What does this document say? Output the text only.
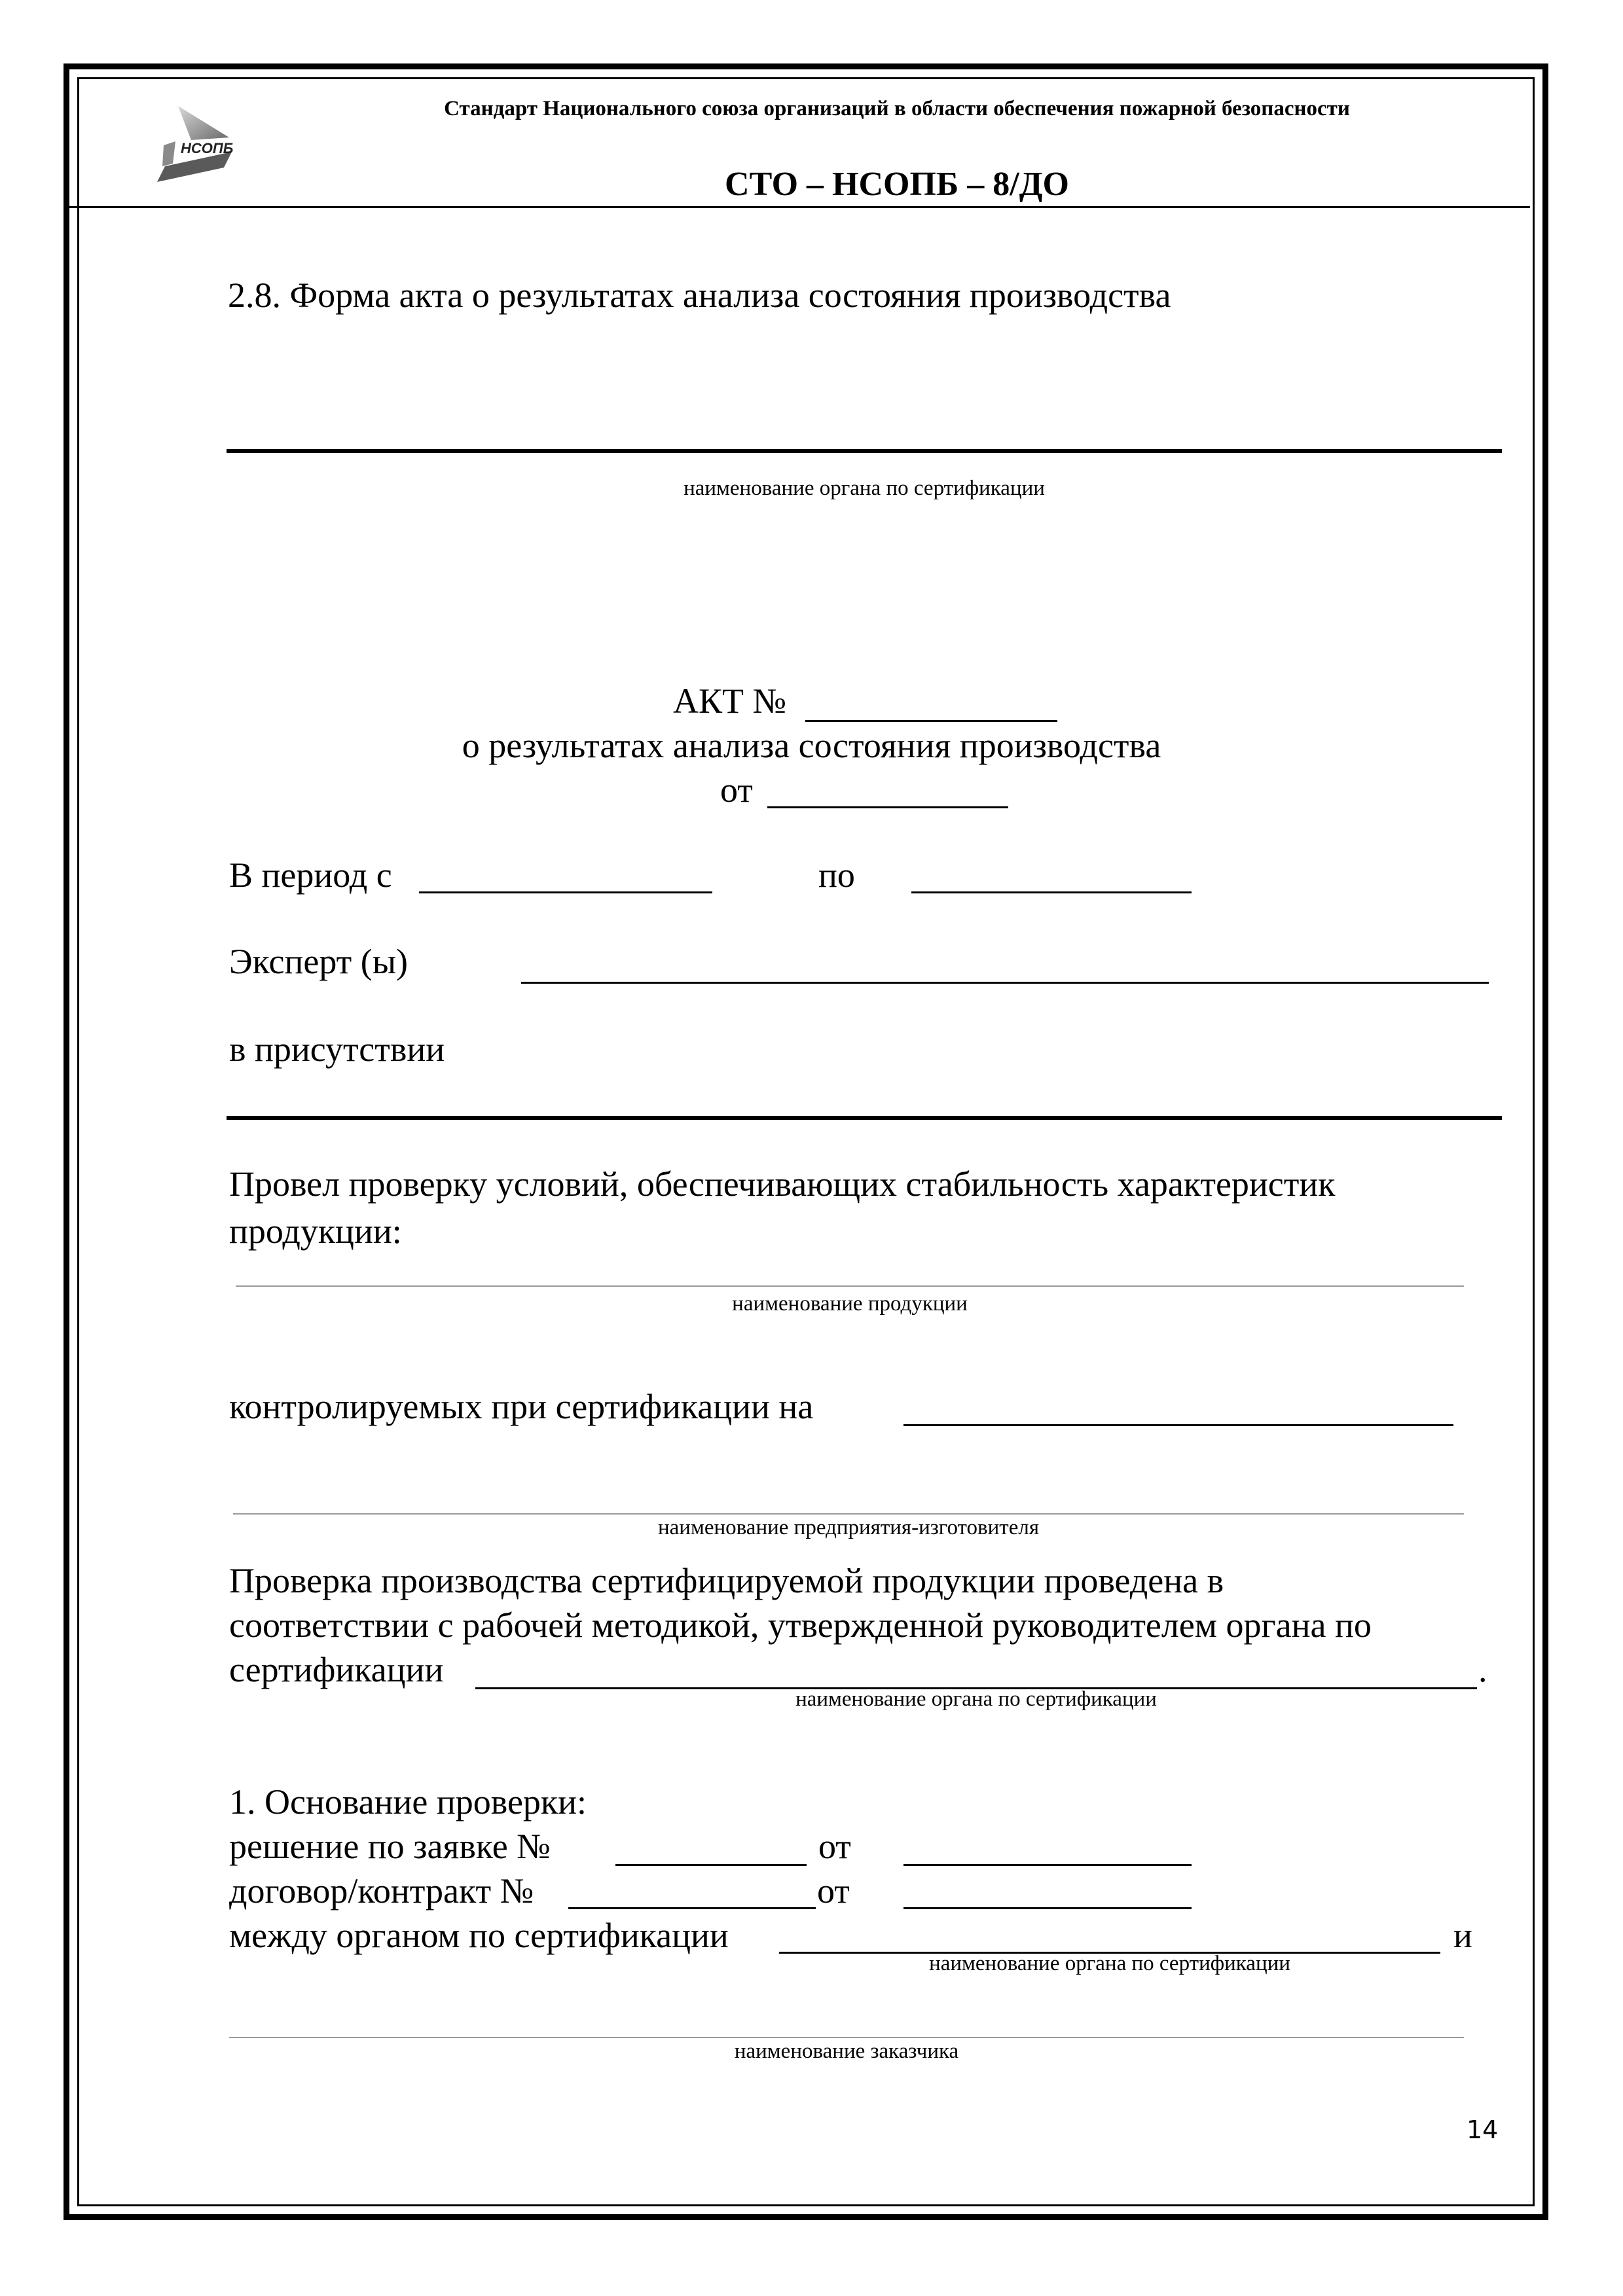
НСОПБ
Стандарт Национального союза организаций в области обеспечения пожарной безопасности
СТО – НСОПБ – 8/ДО
2.8. Форма акта о результатах анализа состояния производства
наименование органа по сертификации
АКТ №
о результатах анализа состояния производства
от
В период с	по
Эксперт (ы)
в присутствии
Провел проверку условий, обеспечивающих стабильность характеристик
продукции:
наименование продукции
контролируемых при сертификации на
наименование предприятия-изготовителя
Проверка производства сертифицируемой продукции проведена в
соответствии с рабочей методикой, утвержденной руководителем органа по
сертификации	.
наименование органа по сертификации
1. Основание проверки:
решение по заявке №	от
договор/контракт №	от
между органом по сертификации	и
наименование органа по сертификации
наименование заказчика
14
